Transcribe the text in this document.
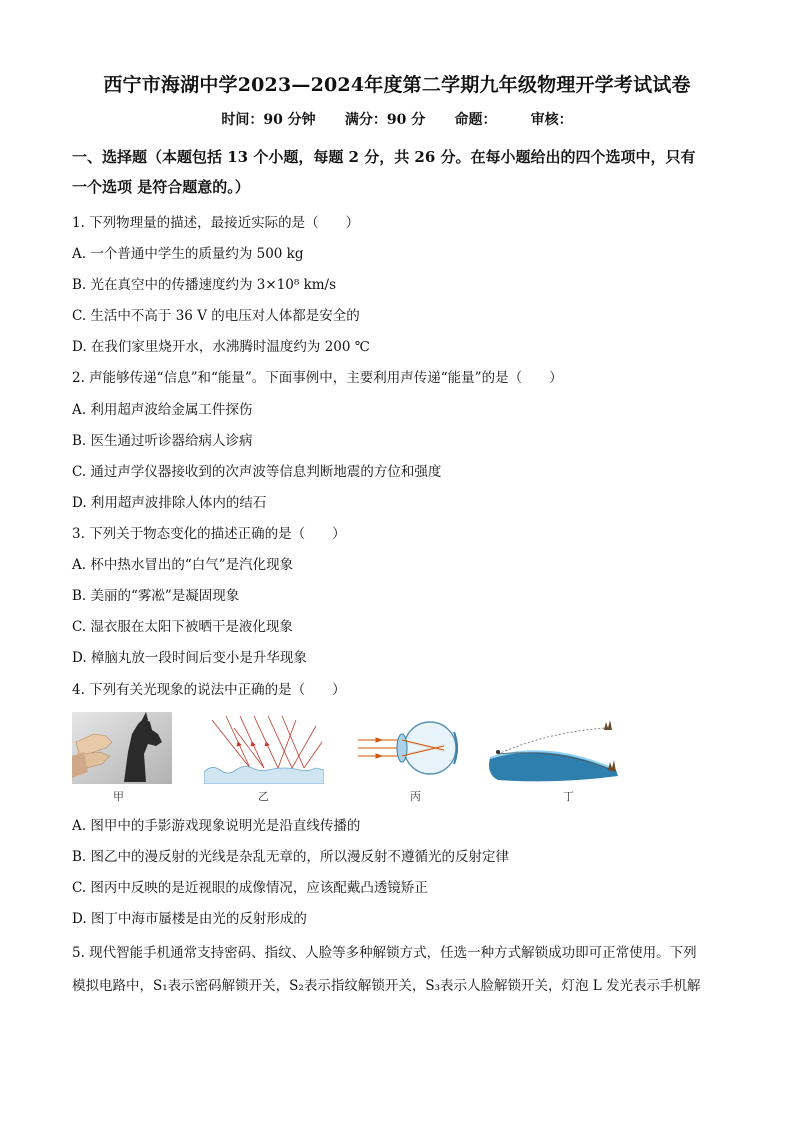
西宁市海湖中学2023—2024年度第二学期九年级物理开学考试试卷
时间：90 分钟      满分：90 分      命题：       审核：
一、选择题（本题包括 13 个小题，每题 2 分，共 26 分。在每小题给出的四个选项中，只有
一个选项 是符合题意的。）
1. 下列物理量的描述，最接近实际的是（　　）
A. 一个普通中学生的质量约为 500 kg
B. 光在真空中的传播速度约为 3×10⁸ km/s
C. 生活中不高于 36 V 的电压对人体都是安全的
D. 在我们家里烧开水，水沸腾时温度约为 200 ℃
2. 声能够传递“信息”和“能量”。下面事例中，主要利用声传递“能量”的是（　　）
A. 利用超声波给金属工件探伤
B. 医生通过听诊器给病人诊病
C. 通过声学仪器接收到的次声波等信息判断地震的方位和强度
D. 利用超声波排除人体内的结石
3. 下列关于物态变化的描述正确的是（　　）
A. 杯中热水冒出的“白气”是汽化现象
B. 美丽的“雾凇”是凝固现象
C. 湿衣服在太阳下被晒干是液化现象
D. 樟脑丸放一段时间后变小是升华现象
4. 下列有关光现象的说法中正确的是（　　）
甲	乙	丙	丁
A. 图甲中的手影游戏现象说明光是沿直线传播的
B. 图乙中的漫反射的光线是杂乱无章的，所以漫反射不遵循光的反射定律
C. 图丙中反映的是近视眼的成像情况，应该配戴凸透镜矫正
D. 图丁中海市蜃楼是由光的反射形成的
5. 现代智能手机通常支持密码、指纹、人脸等多种解锁方式，任选一种方式解锁成功即可正常使用。下列
模拟电路中，S₁表示密码解锁开关，S₂表示指纹解锁开关，S₃表示人脸解锁开关，灯泡 L 发光表示手机解
